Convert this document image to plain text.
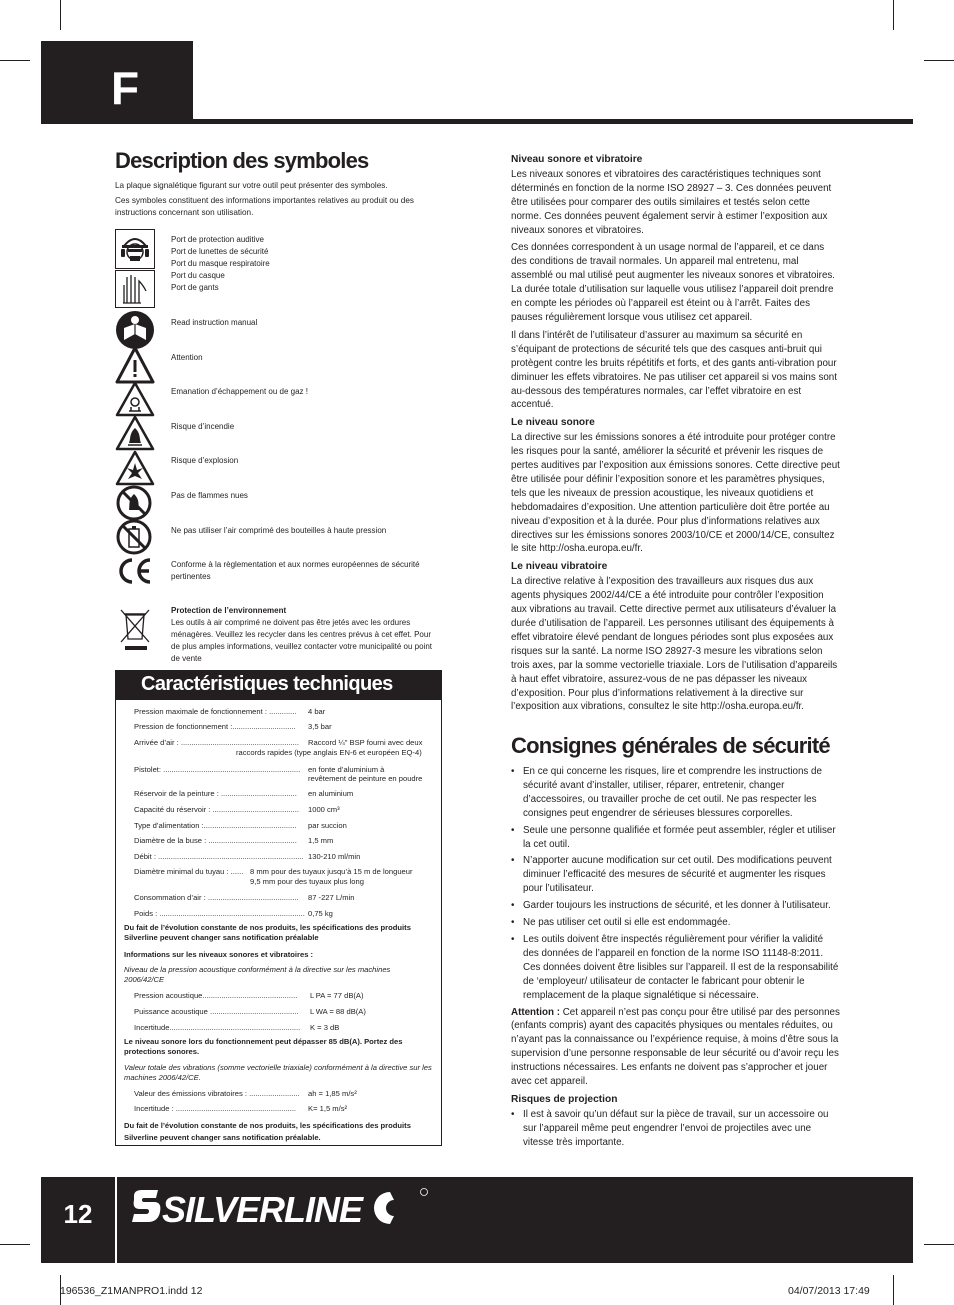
F
Description des symboles
La plaque signalétique figurant sur votre outil peut présenter des symboles.
Ces symboles constituent des informations importantes relatives au produit ou des instructions concernant son utilisation.
Port de protection auditive
Port de lunettes de sécurité
Port du masque respiratoire
Port du casque
Port de gants
Read instruction manual
Attention
Emanation d’échappement ou de gaz !
Risque d’incendie
Risque d’explosion
Pas de flammes nues
Ne pas utiliser l’air comprimé des bouteilles à haute pression
Conforme à la règlementation et aux normes européennes de sécurité pertinentes
Protection de l’environnement
Les outils à air comprimé ne doivent pas être jetés avec les ordures ménagères. Veuillez les recycler dans les centres prévus à cet effet. Pour de plus amples informations, veuillez contacter votre municipalité ou point de vente
Caractéristiques techniques
Pression maximale de fonctionnement : ............. 4 bar
Pression de fonctionnement :.............................. 3,5 bar
Arrivée d’air : ........................................................ Raccord ¼" BSP fourni avec deux
raccords rapides (type anglais EN-6 et européen EQ-4)
Pistolet: ................................................................. en fonte d’aluminium à
revêtement de peinture en poudre
Réservoir de la peinture : .................................... en aluminium
Capacité du réservoir : ......................................... 1000 cm³
Type d’alimentation :............................................ par succion
Diamètre de la buse : .......................................... 1,5 mm
Débit : ..................................................................... 130-210 ml/min
Diamètre minimal du tuyau : ...... 8 mm pour des tuyaux jusqu’à 15 m de longueur
9,5 mm pour des tuyaux plus long
Consommation d’air : ........................................... 87 -227 L/min
Poids : ..................................................................... 0,75 kg
Du fait de l’évolution constante de nos produits, les spécifications des produits Silverline peuvent changer sans notification préalable
Informations sur les niveaux sonores et vibratoires :
Niveau de la pression acoustique conformément à la directive sur les machines 2006/42/CE
Pression acoustique............................................. L PA = 77 dB(A)
Puissance acoustique .......................................... L WA = 88 dB(A)
Incertitude.............................................................. K = 3 dB
Le niveau sonore lors du fonctionnement peut dépasser 85 dB(A). Portez des protections sonores.
Valeur totale des vibrations (somme vectorielle triaxiale) conformément à la directive sur les machines 2006/42/CE.
Valeur des émissions vibratoires : ........................ ah = 1,85 m/s²
Incertitude : ......................................................... K= 1,5 m/s²
Du fait de l’évolution constante de nos produits, les spécifications des produits Silverline peuvent changer sans notification préalable.
Niveau sonore et vibratoire

Les niveaux sonores et vibratoires des caractéristiques techniques sont déterminés en fonction de la norme ISO 28927 – 3. Ces données peuvent être utilisées pour comparer des outils similaires et testés selon cette norme. Ces données peuvent également servir à estimer l’exposition aux niveaux sonores et vibratoires.

Ces données correspondent à un usage normal de l’appareil, et ce dans des conditions de travail normales. Un appareil mal entretenu, mal assemblé ou mal utilisé peut augmenter les niveaux sonores et vibratoires. La durée totale d’utilisation sur laquelle vous utilisez l’appareil doit prendre en compte les périodes où l’appareil est éteint ou à l’arrêt. Faites des pauses régulièrement lorsque vous utilisez cet appareil.

Il dans l’intérêt de l’utilisateur d’assurer au maximum sa sécurité en s’équipant de protections de sécurité tels que des casques anti-bruit qui protègent contre les bruits répétitifs et forts, et des gants anti-vibration pour diminuer les effets vibratoires. Ne pas utiliser cet appareil si vos mains sont au-dessous des températures normales, car l’effet vibratoire en est accentué.

Le niveau sonore

La directive sur les émissions sonores a été introduite pour protéger contre les risques pour la santé, améliorer la sécurité et prévenir les risques de pertes auditives par l’exposition aux émissions sonores. Cette directive peut être utilisée pour définir l’exposition sonore et les paramètres physiques, tels que les niveaux de pression acoustique, les niveaux quotidiens et hebdomadaires d’exposition. Une attention particulière doit être portée au niveau d’exposition et à la durée. Pour plus d’informations relatives aux directives sur les émissions sonores 2003/10/CE et 2000/14/CE, consultez le site http://osha.europa.eu/fr.

Le niveau vibratoire

La directive relative à l’exposition des travailleurs aux risques dus aux agents physiques 2002/44/CE a été introduite pour contrôler l’exposition aux vibrations au travail. Cette directive permet aux utilisateurs d’évaluer la durée d’utilisation de l’appareil. Les personnes utilisant des équipements à effet vibratoire élevé pendant de longues périodes sont plus exposées aux risques sur la santé. La norme ISO 28927-3 mesure les vibrations selon trois axes, par la somme vectorielle triaxiale. Lors de l’utilisation d’appareils à haut effet vibratoire, assurez-vous de ne pas dépasser les niveaux d’exposition. Pour plus d’informations relativement à la directive sur l’exposition aux vibrations, consultez le site http://osha.europa.eu/fr.

Consignes générales de sécurité
• En ce qui concerne les risques, lire et comprendre les instructions de sécurité avant d’installer, utiliser, réparer, entretenir, changer d’accessoires, ou travailler proche de cet outil. Ne pas respecter les consignes peut engendrer de sérieuses blessures corporelles.
• Seule une personne qualifiée et formée peut assembler, régler et utiliser la cet outil.
• N’apporter aucune modification sur cet outil. Des modifications peuvent diminuer l’efficacité des mesures de sécurité et augmenter les risques pour l’utilisateur.
• Garder toujours les instructions de sécurité, et les donner à l’utilisateur.
• Ne pas utiliser cet outil si elle est endommagée.
• Les outils doivent être inspectés régulièrement pour vérifier la validité des données de l’appareil en fonction de la norme ISO 11148-8:2011. Ces données doivent être lisibles sur l’appareil. Il est de la responsabilité de ‘employeur/ utilisateur de contacter le fabricant pour obtenir le remplacement de la plaque signalétique si nécessaire.

Attention : Cet appareil n’est pas conçu pour être utilisé par des personnes (enfants compris) ayant des capacités physiques ou mentales réduites, ou n’ayant pas la connaissance ou l’expérience requise, à moins d’être sous la supervision d’une personne responsable de leur sécurité ou d’avoir reçu les instructions nécessaires. Les enfants ne doivent pas s’approcher et jouer avec cet appareil.

Risques de projection
• Il est à savoir qu’un défaut sur la pièce de travail, sur un accessoire ou sur l’appareil même peut engendrer l’envoi de projectiles avec une vitesse très importante.
12	SILVERLINE
196536_Z1MANPRO1.indd 12	04/07/2013 17:49
